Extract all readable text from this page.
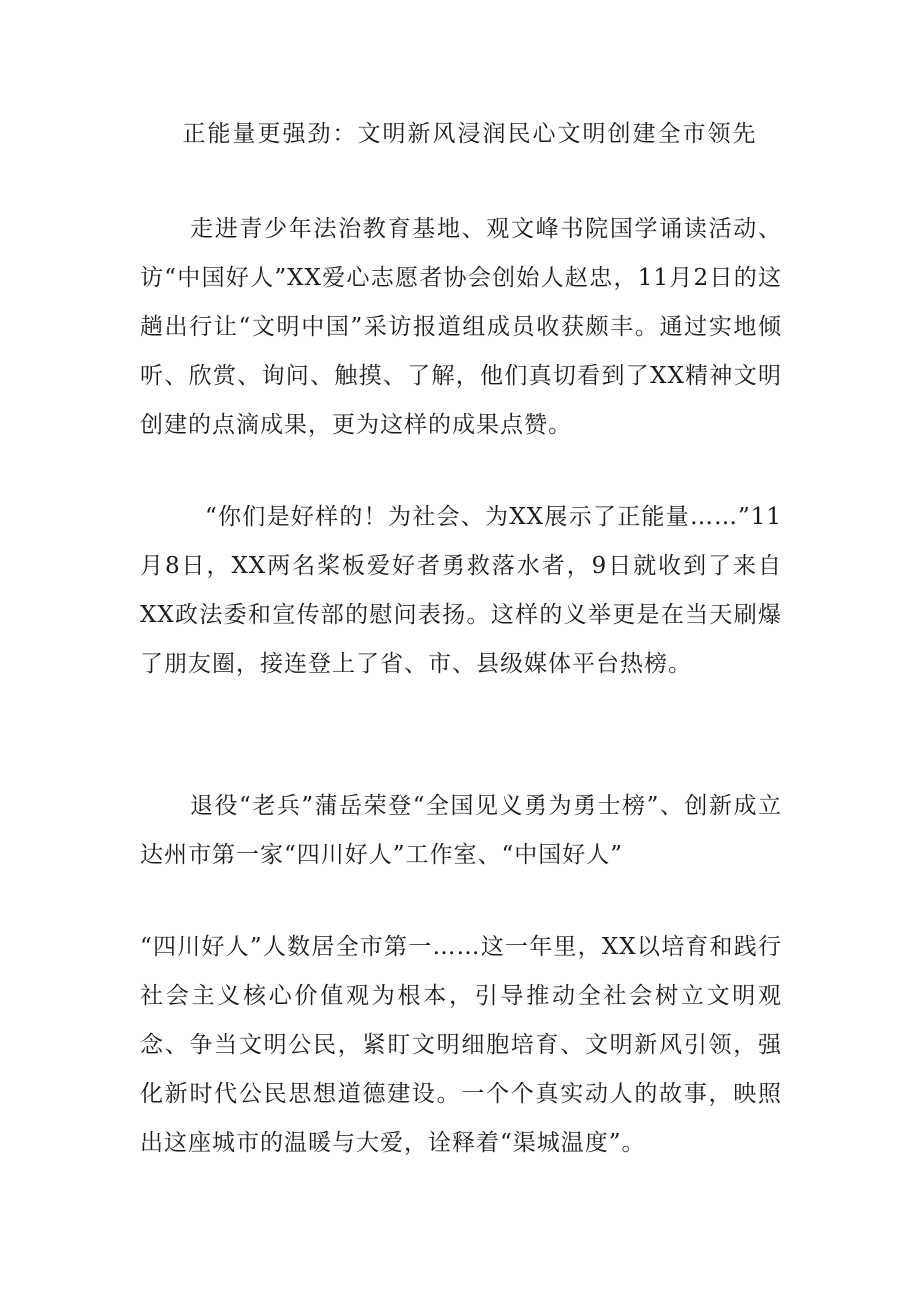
正能量更强劲：文明新风浸润民心文明创建全市领先

走进青少年法治教育基地、观文峰书院国学诵读活动、访“中国好人”XX爱心志愿者协会创始人赵忠，11月2日的这趟出行让“文明中国”采访报道组成员收获颇丰。通过实地倾听、欣赏、询问、触摸、了解，他们真切看到了XX精神文明创建的点滴成果，更为这样的成果点赞。

“你们是好样的！为社会、为XX展示了正能量……”11月8日，XX两名桨板爱好者勇救落水者，9日就收到了来自XX政法委和宣传部的慰问表扬。这样的义举更是在当天刷爆了朋友圈，接连登上了省、市、县级媒体平台热榜。

退役“老兵”蒲岳荣登“全国见义勇为勇士榜”、创新成立达州市第一家“四川好人”工作室、“中国好人”

“四川好人”人数居全市第一……这一年里，XX以培育和践行社会主义核心价值观为根本，引导推动全社会树立文明观念、争当文明公民，紧盯文明细胞培育、文明新风引领，强化新时代公民思想道德建设。一个个真实动人的故事，映照出这座城市的温暖与大爱，诠释着“渠城温度”。
